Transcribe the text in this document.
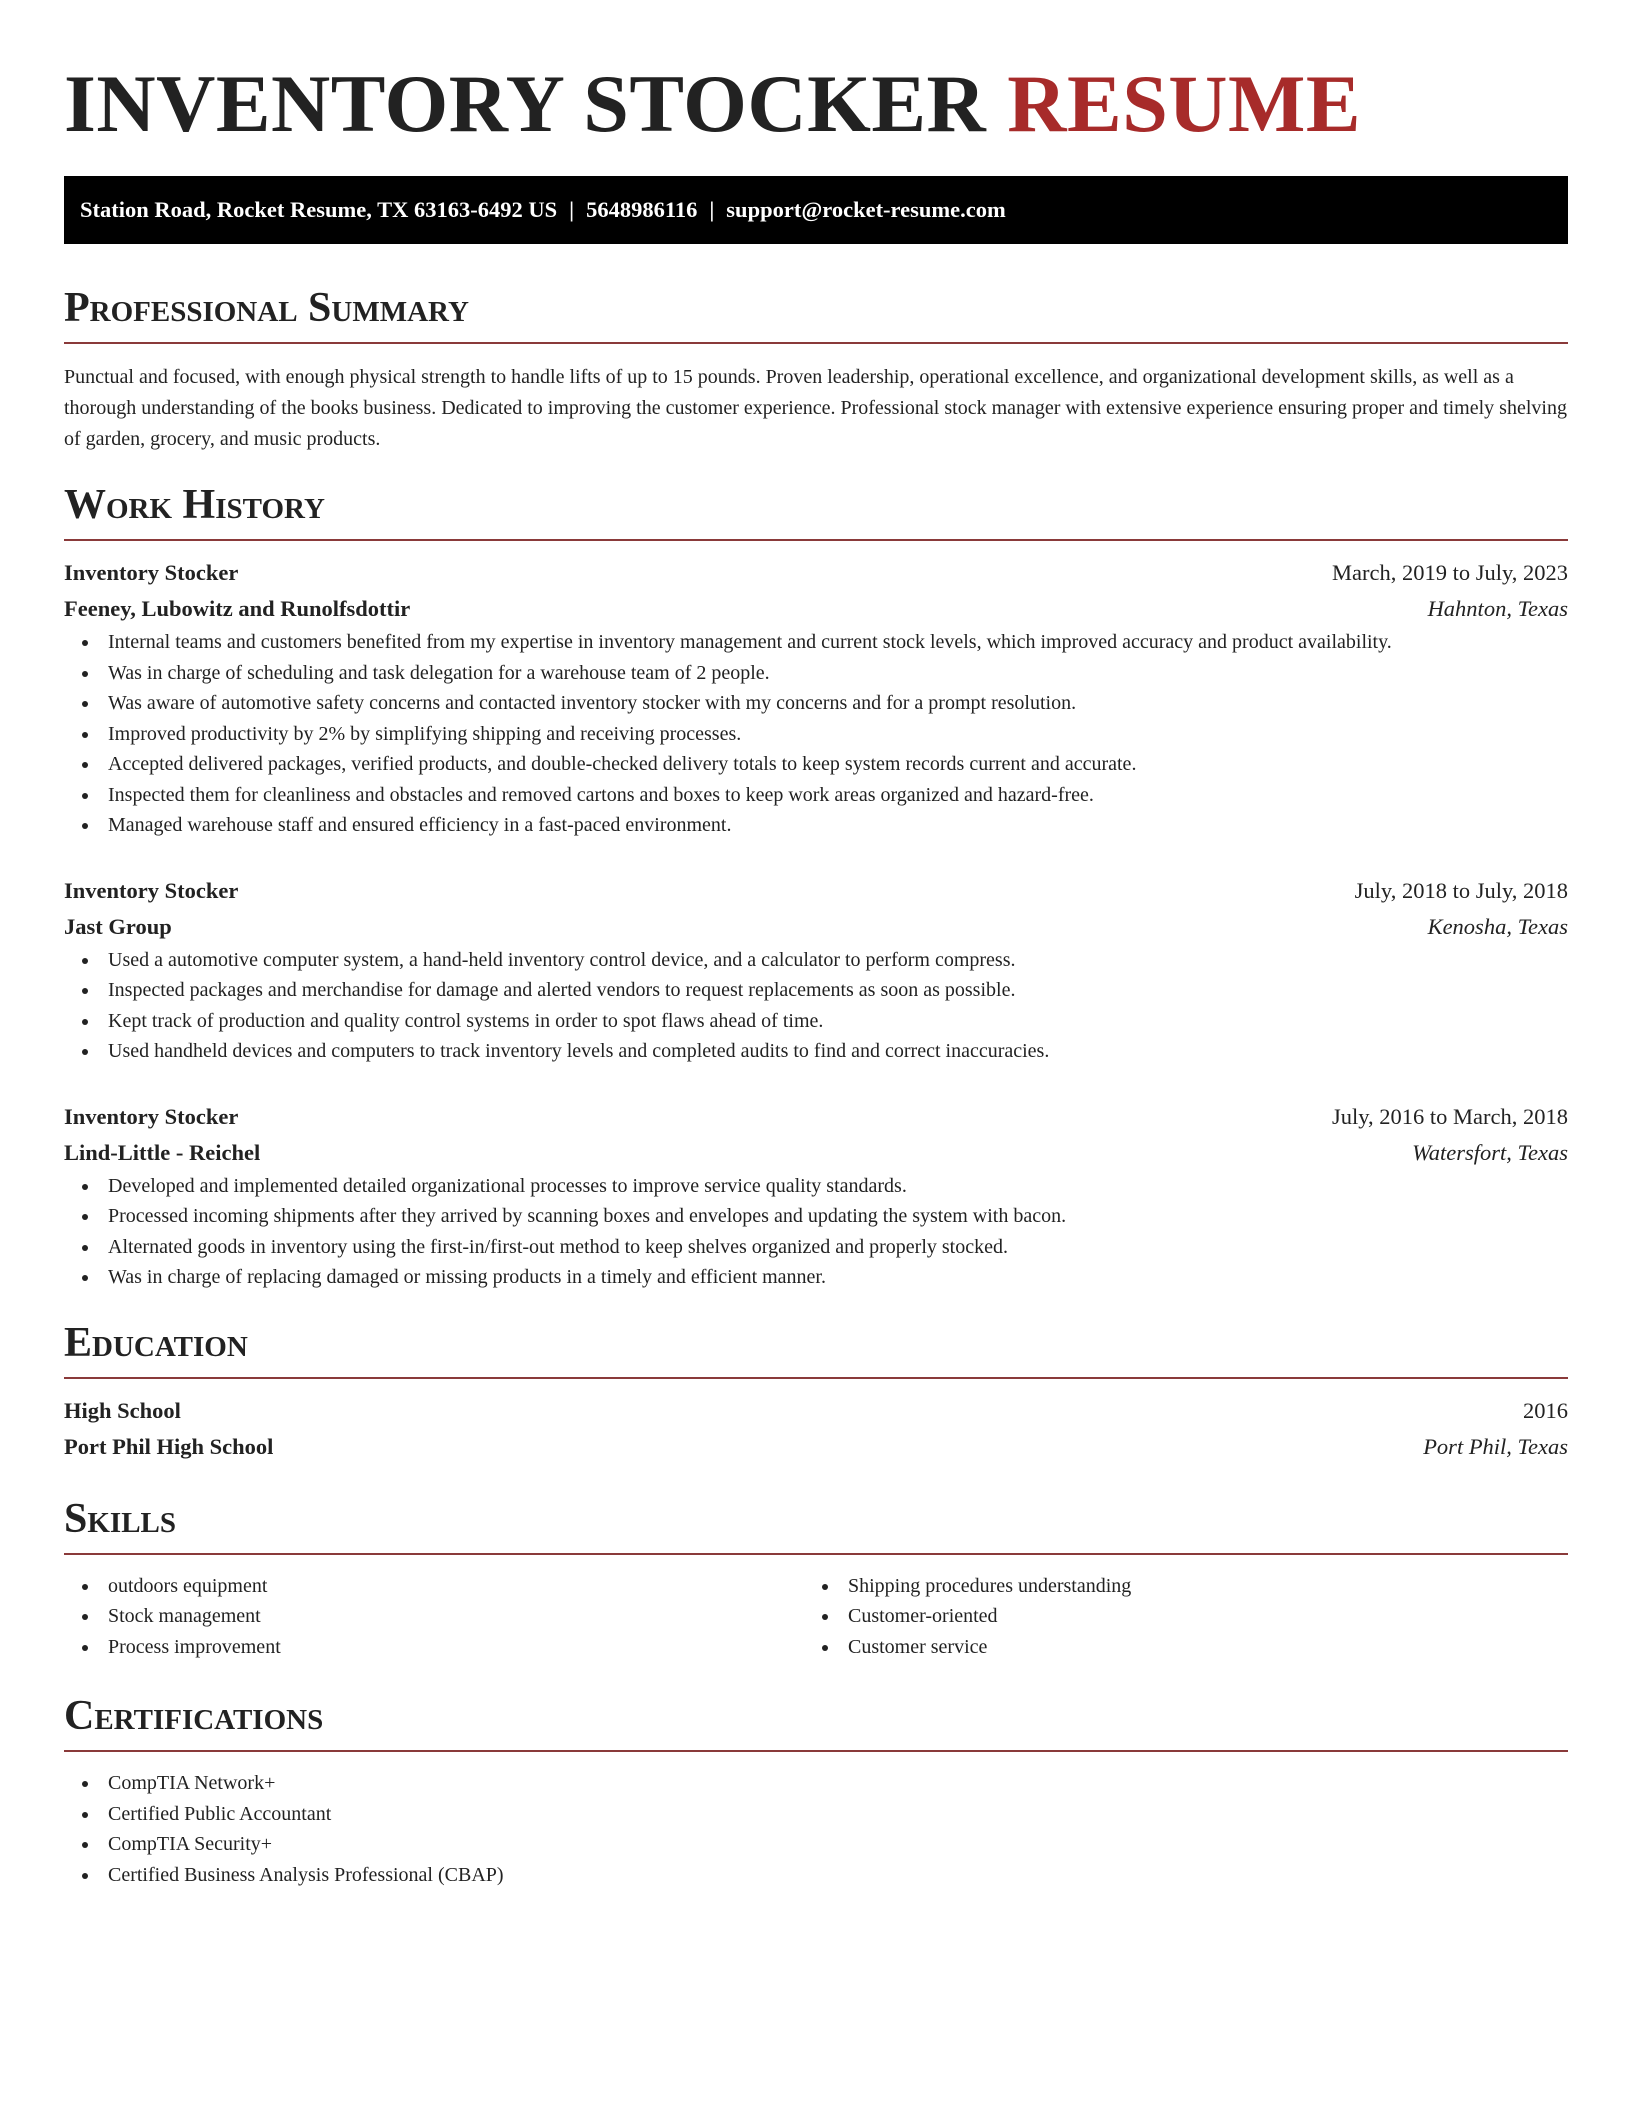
INVENTORY STOCKER RESUME
Station Road, Rocket Resume, TX 63163-6492 US | 5648986116 | support@rocket-resume.com
Professional Summary
Punctual and focused, with enough physical strength to handle lifts of up to 15 pounds. Proven leadership, operational excellence, and organizational development skills, as well as a thorough understanding of the books business. Dedicated to improving the customer experience. Professional stock manager with extensive experience ensuring proper and timely shelving of garden, grocery, and music products.
Work History
Inventory Stocker	March, 2019 to July, 2023
Feeney, Lubowitz and Runolfsdottir	Hahnton, Texas
Internal teams and customers benefited from my expertise in inventory management and current stock levels, which improved accuracy and product availability.
Was in charge of scheduling and task delegation for a warehouse team of 2 people.
Was aware of automotive safety concerns and contacted inventory stocker with my concerns and for a prompt resolution.
Improved productivity by 2% by simplifying shipping and receiving processes.
Accepted delivered packages, verified products, and double-checked delivery totals to keep system records current and accurate.
Inspected them for cleanliness and obstacles and removed cartons and boxes to keep work areas organized and hazard-free.
Managed warehouse staff and ensured efficiency in a fast-paced environment.
Inventory Stocker	July, 2018 to July, 2018
Jast Group	Kenosha, Texas
Used a automotive computer system, a hand-held inventory control device, and a calculator to perform compress.
Inspected packages and merchandise for damage and alerted vendors to request replacements as soon as possible.
Kept track of production and quality control systems in order to spot flaws ahead of time.
Used handheld devices and computers to track inventory levels and completed audits to find and correct inaccuracies.
Inventory Stocker	July, 2016 to March, 2018
Lind-Little - Reichel	Watersfort, Texas
Developed and implemented detailed organizational processes to improve service quality standards.
Processed incoming shipments after they arrived by scanning boxes and envelopes and updating the system with bacon.
Alternated goods in inventory using the first-in/first-out method to keep shelves organized and properly stocked.
Was in charge of replacing damaged or missing products in a timely and efficient manner.
Education
High School	2016
Port Phil High School	Port Phil, Texas
Skills
outdoors equipment
Stock management
Process improvement
Shipping procedures understanding
Customer-oriented
Customer service
Certifications
CompTIA Network+
Certified Public Accountant
CompTIA Security+
Certified Business Analysis Professional (CBAP)
